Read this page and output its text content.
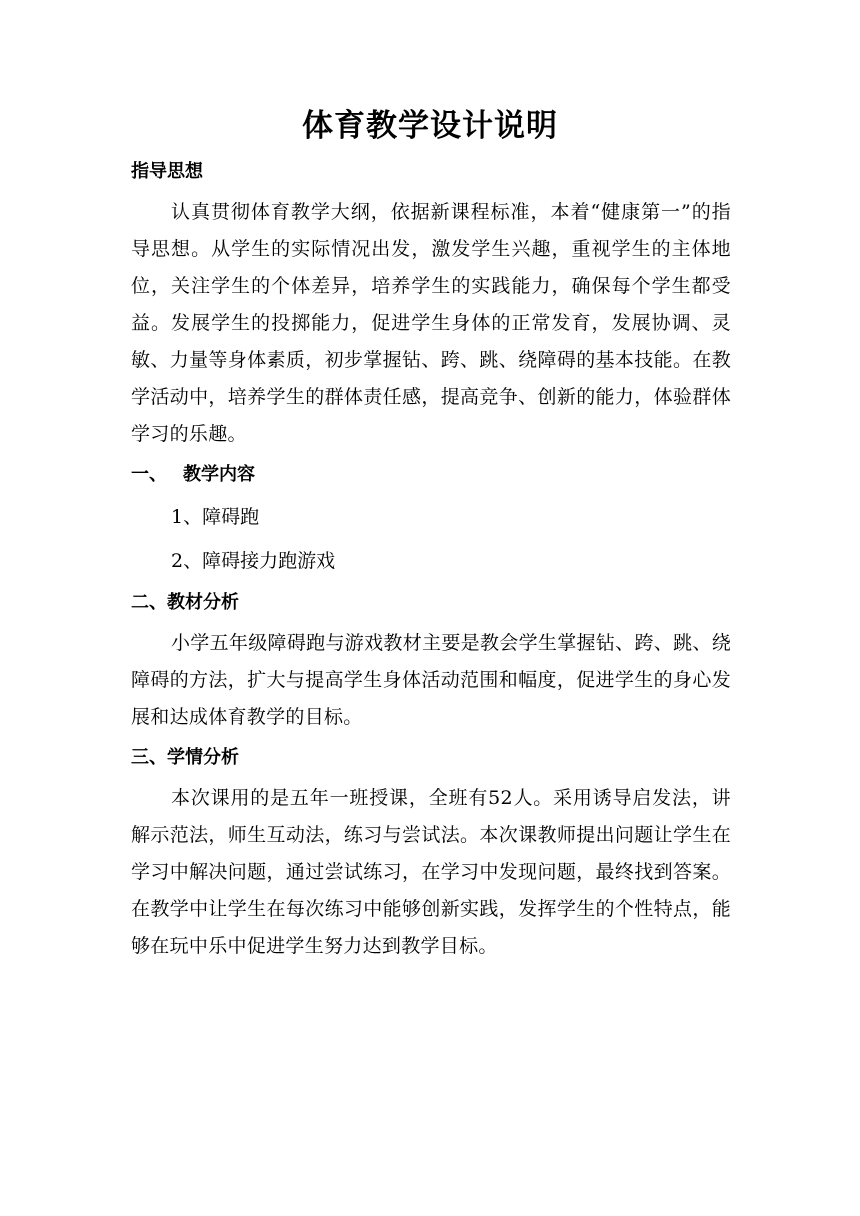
体育教学设计说明
指导思想

认真贯彻体育教学大纲，依据新课程标准，本着“健康第一”的指导思想。从学生的实际情况出发，激发学生兴趣，重视学生的主体地位，关注学生的个体差异，培养学生的实践能力，确保每个学生都受益。发展学生的投掷能力，促进学生身体的正常发育，发展协调、灵敏、力量等身体素质，初步掌握钻、跨、跳、绕障碍的基本技能。在教学活动中，培养学生的群体责任感，提高竞争、创新的能力，体验群体学习的乐趣。

一、 教学内容
1、障碍跑
2、障碍接力跑游戏
二、教材分析

小学五年级障碍跑与游戏教材主要是教会学生掌握钻、跨、跳、绕障碍的方法，扩大与提高学生身体活动范围和幅度，促进学生的身心发展和达成体育教学的目标。

三、学情分析

本次课用的是五年一班授课，全班有52人。采用诱导启发法，讲解示范法，师生互动法，练习与尝试法。本次课教师提出问题让学生在学习中解决问题，通过尝试练习，在学习中发现问题，最终找到答案。在教学中让学生在每次练习中能够创新实践，发挥学生的个性特点，能够在玩中乐中促进学生努力达到教学目标。
